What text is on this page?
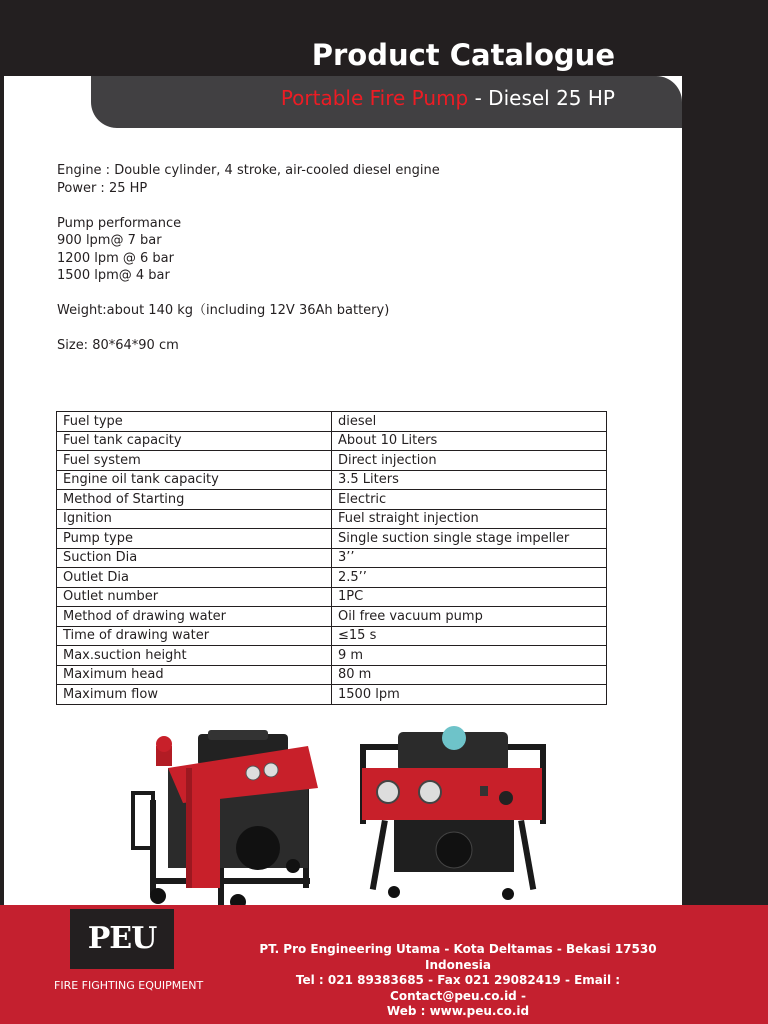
Product Catalogue
Portable Fire Pump - Diesel 25 HP

Engine : Double cylinder, 4 stroke, air-cooled diesel engine

Power : 25 HP

Pump performance

900 lpm@ 7 bar

1200 lpm @ 6 bar

1500 lpm@ 4 bar

Weight:about 140 kg（including 12V 36Ah battery)

Size: 80*64*90 cm

Fuel type	diesel
Fuel tank capacity	About 10 Liters
Fuel system	Direct injection
Engine oil tank capacity	3.5 Liters
Method of Starting	Electric
Ignition	Fuel straight injection
Pump type	Single suction single stage impeller
Suction Dia	3’’
Outlet Dia	2.5’’
Outlet number	1PC
Method of drawing water	Oil free vacuum pump
Time of drawing water	≤15 s
Max.suction height	9 m
Maximum head	80 m
Maximum flow	1500 lpm
PEU
FIRE FIGHTING EQUIPMENT

PT. Pro Engineering Utama - Kota Deltamas - Bekasi 17530 Indonesia

Tel : 021 89383685 - Fax 021 29082419 - Email : Contact@peu.co.id -

Web : www.peu.co.id
